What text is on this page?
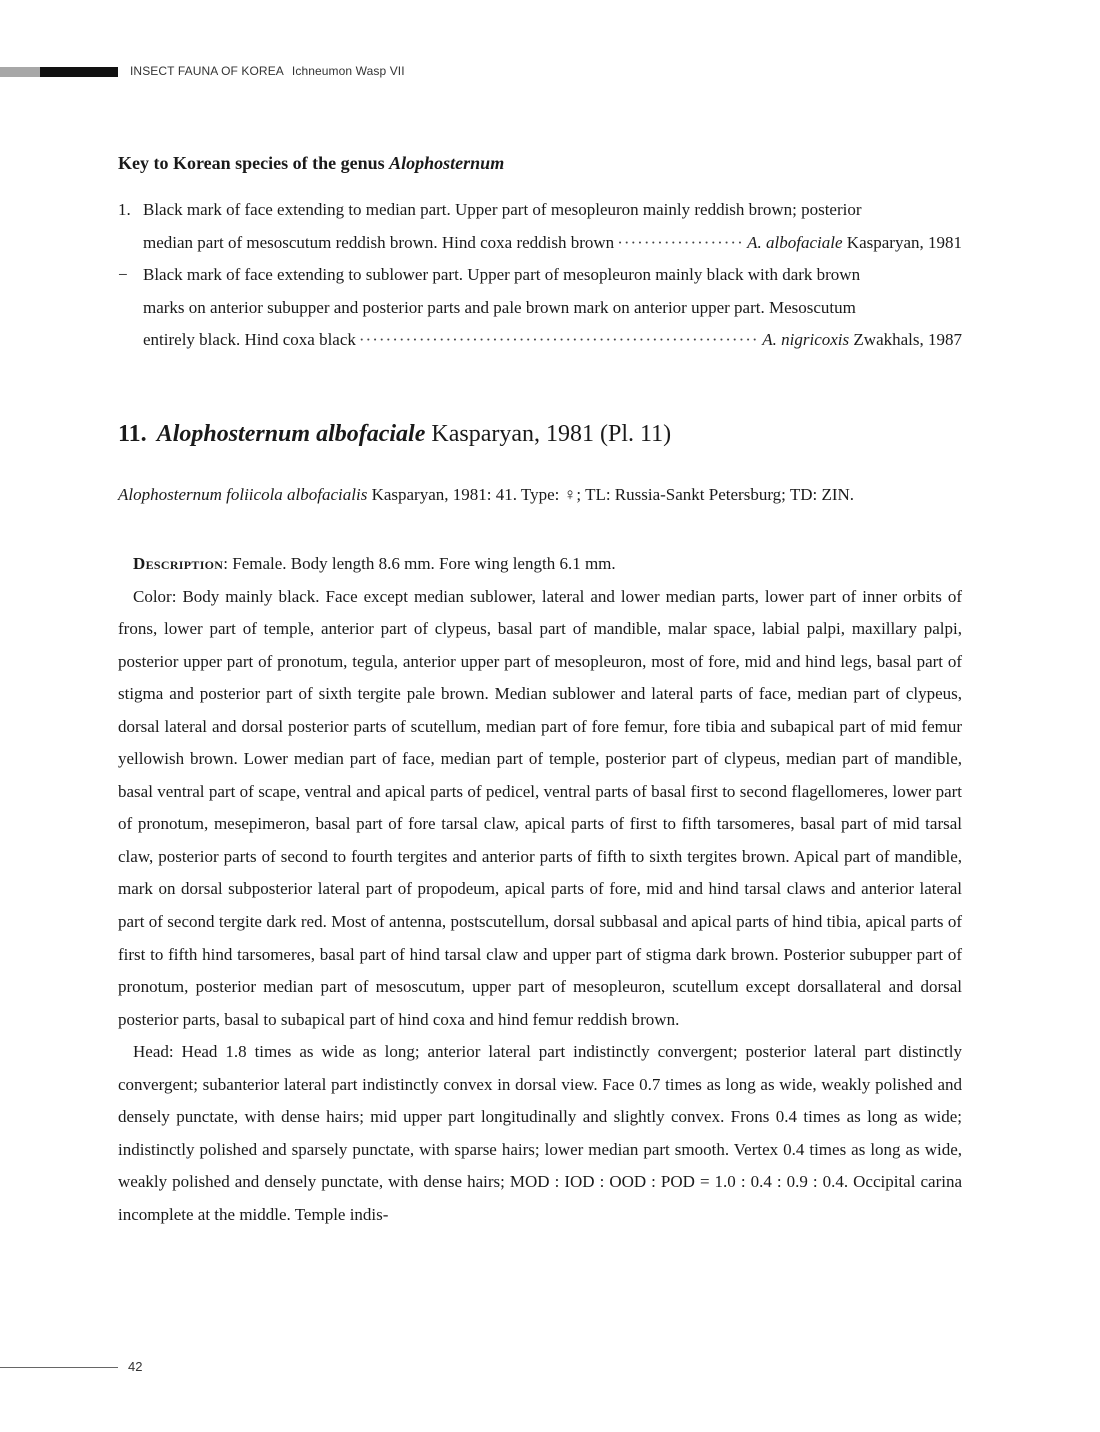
INSECT FAUNA OF KOREA Ichneumon Wasp VII
Key to Korean species of the genus Alophosternum
1. Black mark of face extending to median part. Upper part of mesopleuron mainly reddish brown; posterior
median part of mesoscutum reddish brown. Hind coxa reddish brown ·····	A. albofaciale Kasparyan, 1981
− Black mark of face extending to sublower part. Upper part of mesopleuron mainly black with dark brown
marks on anterior subupper and posterior parts and pale brown mark on anterior upper part. Mesoscutum
entirely black. Hind coxa black ·····	A. nigricoxis Zwakhals, 1987
11. Alophosternum albofaciale Kasparyan, 1981 (Pl. 11)
Alophosternum foliicola albofacialis Kasparyan, 1981: 41. Type: ♀; TL: Russia-Sankt Petersburg; TD: ZIN.

Description: Female. Body length 8.6 mm. Fore wing length 6.1 mm.

Color: Body mainly black. Face except median sublower, lateral and lower median parts, lower part of inner orbits of frons, lower part of temple, anterior part of clypeus, basal part of mandible, malar space, labial palpi, maxillary palpi, posterior upper part of pronotum, tegula, anterior upper part of mesopleuron, most of fore, mid and hind legs, basal part of stigma and posterior part of sixth tergite pale brown. Median sublower and lateral parts of face, median part of clypeus, dorsal lateral and dorsal posterior parts of scutellum, median part of fore femur, fore tibia and subapical part of mid femur yellowish brown. Lower median part of face, median part of temple, posterior part of clypeus, median part of mandible, basal ventral part of scape, ventral and apical parts of pedicel, ventral parts of basal first to second flagellomeres, lower part of pronotum, mesepimeron, basal part of fore tarsal claw, apical parts of first to fifth tarsomeres, basal part of mid tarsal claw, posterior parts of second to fourth tergites and anterior parts of fifth to sixth tergites brown. Apical part of mandible, mark on dorsal subposterior lateral part of propodeum, apical parts of fore, mid and hind tarsal claws and anterior lateral part of second tergite dark red. Most of antenna, postscutellum, dorsal subbasal and apical parts of hind tibia, apical parts of first to fifth hind tarsomeres, basal part of hind tarsal claw and upper part of stigma dark brown. Posterior subupper part of pronotum, posterior median part of mesoscutum, upper part of mesopleuron, scutellum except dorsallateral and dorsal posterior parts, basal to subapical part of hind coxa and hind femur reddish brown.

Head: Head 1.8 times as wide as long; anterior lateral part indistinctly convergent; posterior lateral part distinctly convergent; subanterior lateral part indistinctly convex in dorsal view. Face 0.7 times as long as wide, weakly polished and densely punctate, with dense hairs; mid upper part longitudinally and slightly convex. Frons 0.4 times as long as wide; indistinctly polished and sparsely punctate, with sparse hairs; lower median part smooth. Vertex 0.4 times as long as wide, weakly polished and densely punctate, with dense hairs; MOD : IOD : OOD : POD = 1.0 : 0.4 : 0.9 : 0.4. Occipital carina incomplete at the middle. Temple indis-

42
